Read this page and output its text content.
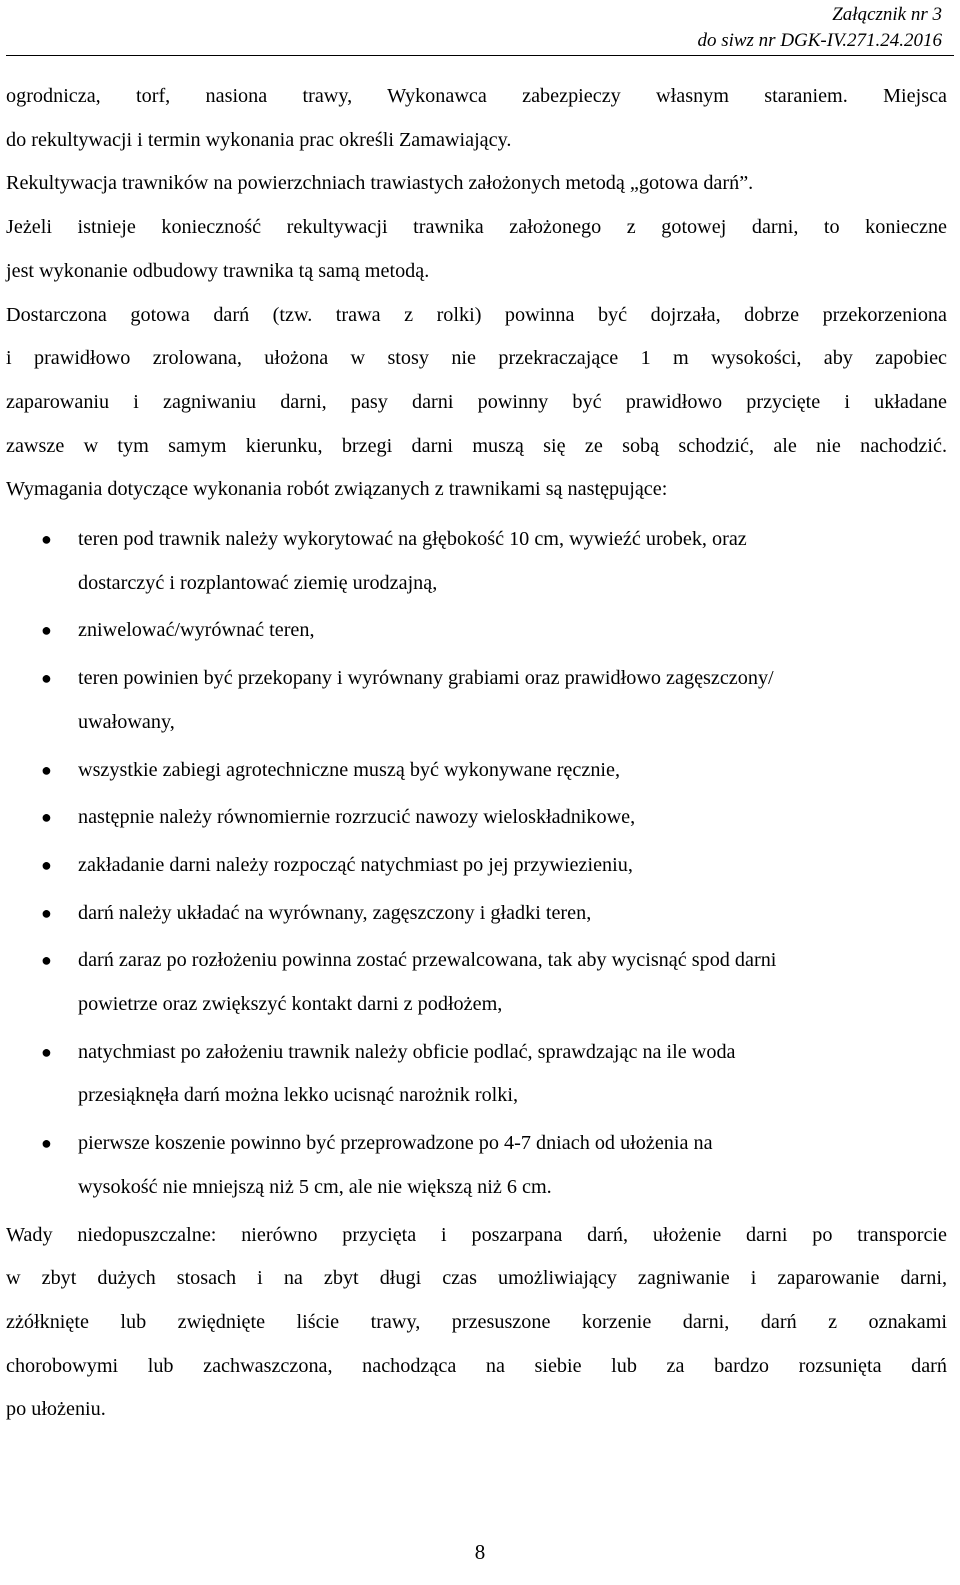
Załącznik nr 3
do siwz nr DGK-IV.271.24.2016
ogrodnicza, torf, nasiona trawy, Wykonawca zabezpieczy własnym staraniem. Miejsca
do rekultywacji i termin wykonania prac określi Zamawiający.
Rekultywacja trawników na powierzchniach trawiastych założonych metodą „gotowa darń”.
Jeżeli istnieje konieczność rekultywacji trawnika założonego z gotowej darni, to konieczne
jest wykonanie odbudowy trawnika tą samą metodą.
Dostarczona gotowa darń (tzw. trawa z rolki) powinna być dojrzała, dobrze przekorzeniona
i prawidłowo zrolowana, ułożona w stosy nie przekraczające 1 m wysokości, aby zapobiec
zaparowaniu i zagniwaniu darni, pasy darni powinny być prawidłowo przycięte i układane
zawsze w tym samym kierunku, brzegi darni muszą się ze sobą schodzić, ale nie nachodzić.
Wymagania dotyczące wykonania robót związanych z trawnikami są następujące:
● teren pod trawnik należy wykorytować na głębokość 10 cm, wywieźć urobek, oraz
dostarczyć i rozplantować ziemię urodzajną,
● zniwelować/wyrównać teren,
● teren powinien być przekopany i wyrównany grabiami oraz prawidłowo zagęszczony/
uwałowany,
● wszystkie zabiegi agrotechniczne muszą być wykonywane ręcznie,
● następnie należy równomiernie rozrzucić nawozy wieloskładnikowe,
● zakładanie darni należy rozpocząć natychmiast po jej przywiezieniu,
● darń należy układać na wyrównany, zagęszczony i gładki teren,
● darń zaraz po rozłożeniu powinna zostać przewalcowana, tak aby wycisnąć spod darni
powietrze oraz zwiększyć kontakt darni z podłożem,
● natychmiast po założeniu trawnik należy obficie podlać, sprawdzając na ile woda
przesiąknęła darń można lekko ucisnąć narożnik rolki,
● pierwsze koszenie powinno być przeprowadzone po 4-7 dniach od ułożenia na
wysokość nie mniejszą niż 5 cm, ale nie większą niż 6 cm.
Wady niedopuszczalne: nierówno przycięta i poszarpana darń, ułożenie darni po transporcie
w zbyt dużych stosach i na zbyt długi czas umożliwiający zagniwanie i zaparowanie darni,
zżółknięte lub zwiędnięte liście trawy, przesuszone korzenie darni, darń z oznakami
chorobowymi lub zachwaszczona, nachodząca na siebie lub za bardzo rozsunięta darń
po ułożeniu.
8
